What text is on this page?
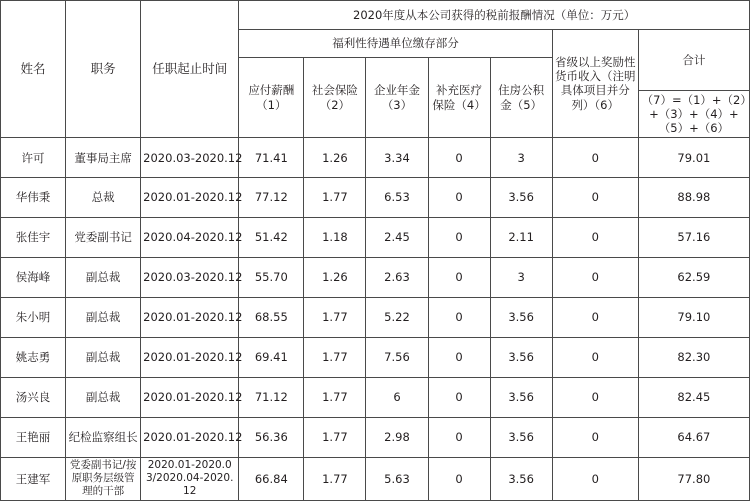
姓名	职务	任职起止时间	2020年度从本公司获得的税前报酬情况（单位：万元）						
			福利性待遇单位缴存部分					省级以上奖励性货币收入（注明具体项目并分列）（6）	合计
			应付薪酬（1）	社会保险（2）	企业年金（3）	补充医疗保险（4）	住房公积金（5）		
									（7）=（1）+（2）+（3）+（4）+（5）+（6）
许可	董事局主席	2020.03-2020.12	71.41	1.26	3.34	0	3	0	79.01
华伟秉	总裁	2020.01-2020.12	77.12	1.77	6.53	0	3.56	0	88.98
张佳宇	党委副书记	2020.04-2020.12	51.42	1.18	2.45	0	2.11	0	57.16
侯海峰	副总裁	2020.03-2020.12	55.70	1.26	2.63	0	3	0	62.59
朱小明	副总裁	2020.01-2020.12	68.55	1.77	5.22	0	3.56	0	79.10
姚志勇	副总裁	2020.01-2020.12	69.41	1.77	7.56	0	3.56	0	82.30
汤兴良	副总裁	2020.01-2020.12	71.12	1.77	6	0	3.56	0	82.45
王艳丽	纪检监察组长	2020.01-2020.12	56.36	1.77	2.98	0	3.56	0	64.67
王建军	党委副书记/按原职务层级管理的干部	2020.01-2020.03/2020.04-2020.12	66.84	1.77	5.63	0	3.56	0	77.80
